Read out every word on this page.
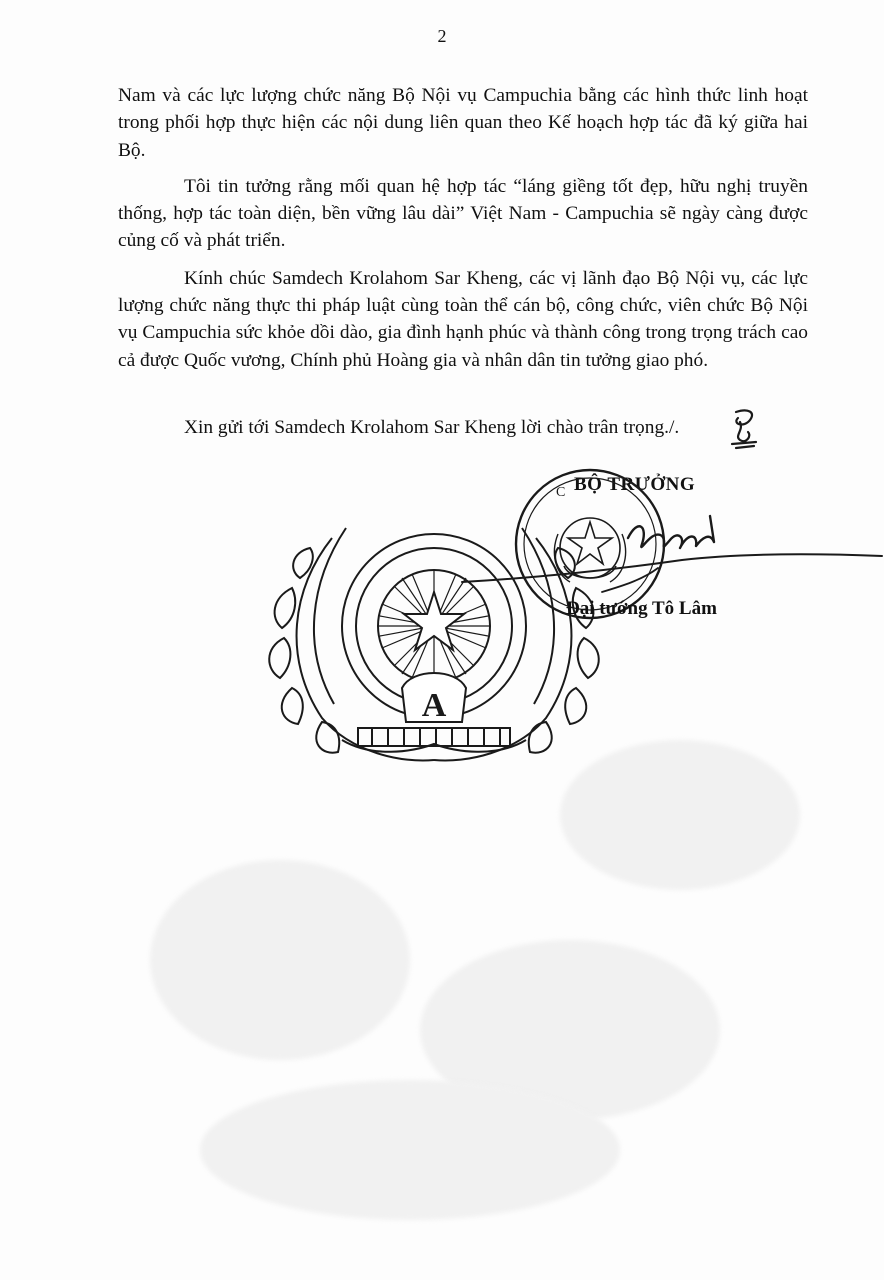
2

Nam và các lực lượng chức năng Bộ Nội vụ Campuchia bằng các hình thức linh hoạt trong phối hợp thực hiện các nội dung liên quan theo Kế hoạch hợp tác đã ký giữa hai Bộ.

Tôi tin tưởng rằng mối quan hệ hợp tác “láng giềng tốt đẹp, hữu nghị truyền thống, hợp tác toàn diện, bền vững lâu dài” Việt Nam - Campuchia sẽ ngày càng được củng cố và phát triển.

Kính chúc Samdech Krolahom Sar Kheng, các vị lãnh đạo Bộ Nội vụ, các lực lượng chức năng thực thi pháp luật cùng toàn thể cán bộ, công chức, viên chức Bộ Nội vụ Campuchia sức khỏe dồi dào, gia đình hạnh phúc và thành công trong trọng trách cao cả được Quốc vương, Chính phủ Hoàng gia và nhân dân tin tưởng giao phó.

Xin gửi tới Samdech Krolahom Sar Kheng lời chào trân trọng./.
A
BỘ TRƯỞNG
C
Đại tướng Tô Lâm
